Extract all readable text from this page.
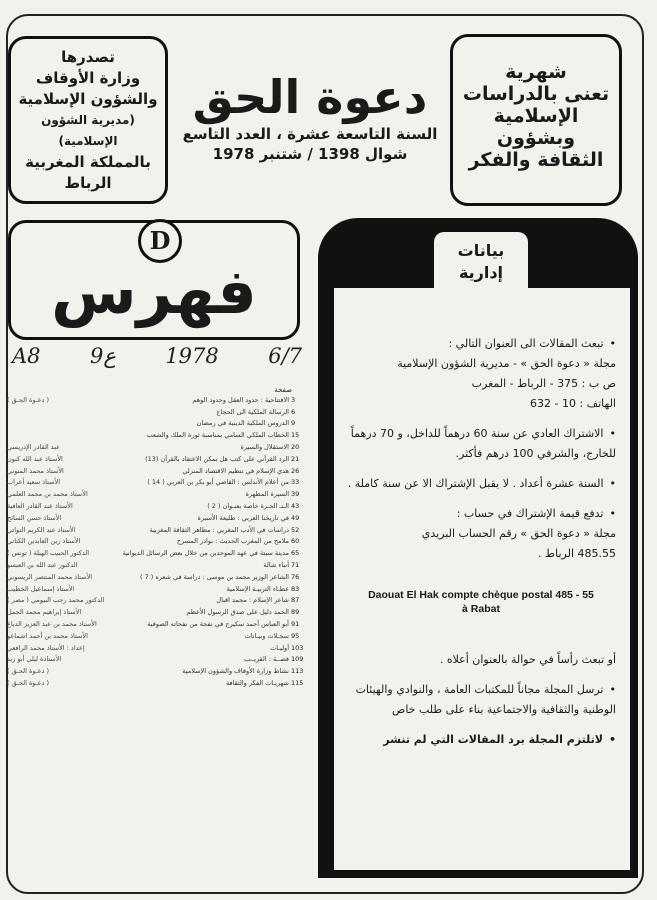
شهرية
تعنى بالدراسات
الإسلامية وبشؤون
الثقافة والفكر
تصدرها
وزارة الأوقاف
والشؤون الإسلامية
(مديرية الشؤون الإسلامية)
بالمملكة المغربية
الرباط
دعوة الحق
السنة التاسعة عشرة ، العدد التاسع
شوال 1398 / شتنبر 1978
D
فهرس
A8 9ع 1978 6/7
صفحة
3	الافتتاحية : حدود العقل وحدود الوهم	( دعـوة الحـق )
6	الرسالة الملكية الى الحجاج	
9	الدروس الملكية الدينية في رمضان	
15	الخطاب الملكي السامي بمناسبة ثورة الملك والشعب	
20	الاستقلال والسيرة	عبد القادر الإدريسي
21	الرد القرآني على كتب هل يمكن الاعتقاد بالقرآن (13)	الأستاذ عبد الله كنون
26	هدي الإسلام في تنظيم الاقتصاد المنزلي	الأستاذ محمد المنوني
33	من أعلام الأندلس : القاضي أبو بكر بن العربي ( 14 )	الأستاذ سعيد أعراب
39	السيرة المطهرة	الأستاذ محمد بن محمد العلمي
43	الـنـ الحـرة خاصة بعنـوان ( 2 )	الأستاذ عبد القادر العافية
49	في تاريخنا العربي : طليعة الأسيرة	الأستاذ حسن السائح
52	دراسات في الأدب المغربي : مظاهر الثقافة المغربية	الأستاذ عبد الكريم التواتي
60	ملامح من المغرب الحديث : بوادر المسرح	الأستاذ زين العابدين الكتاني
65	مدينة سبتة في عهد الموحدين من خلال بعض الرسائل الديوانية	الدكتور الحبيب الهيلة ( تونس )
71	أنباء شالة	الدكتور عبد الله بن العبسو
76	الشاعر الوزير محمد بن موسى : دراسة في شعره ( 7 )	الأستاذ محمد المنتصر الريسوني
83	عطـاء التربيـة الإسلامية	الأستاذ إسماعيل الخطيب
87	شاعر الإسلام : محمد اقبال	الدكتور محمد رجب البيومي ( مصر )
89	الحمد دليل على صدق الرسول الأعظم	الأستاذ إبراهيم محمد الجمل
91	أبو العباس أحمد سكيرج في نفحة من نفحاته الصوفية	الأستاذ محمد بن عبد العزيز الدباغ
95	سجـلات وبيـانات	الأستاذ محمد بن أحمد اشماعو
103	أوليـات	إعداد : الأستاذ محمد الرافعي
109	قصــة : القريــب	الأستاذة ليلى أبو زيد
113	نشاط وزارة الأوقاف والشؤون الإسلامية	( دعـوة الحـق )
115	شهريـات الفكر والثقافة	( دعـوة الحـق )
بيانات
إدارية

• تبعث المقالات الى العنوان التالي :
مجلة « دعوة الحق » - مديرية الشؤون الإسلامية
ص ب : 375 - الرباط - المغرب
الهاتف : 10 - 632

• الاشتراك العادي عن سنة 60 درهماً للداخل، و 70 درهماً للخارج، والشرفي 100 درهم فأكثر.

• السنة عشرة أعداد . لا يقبل الإشتراك الا عن سنة كاملة .

• تدفع قيمة الإشتراك في حساب :
مجلة « دعوة الحق » رقم الحساب البريدي
485.55 الرباط .

Daouat El Hak compte chèque postal 485 - 55
à Rabat

أو تبعث رأساً في حوالة بالعنوان أعلاه .

• ترسل المجلة مجاناً للمكتبات العامة ، والنوادي والهيئات الوطنية والثقافية والاجتماعية بناء على طلب خاص

• لاتلتزم المجلة برد المقالات التي لم تنشر
